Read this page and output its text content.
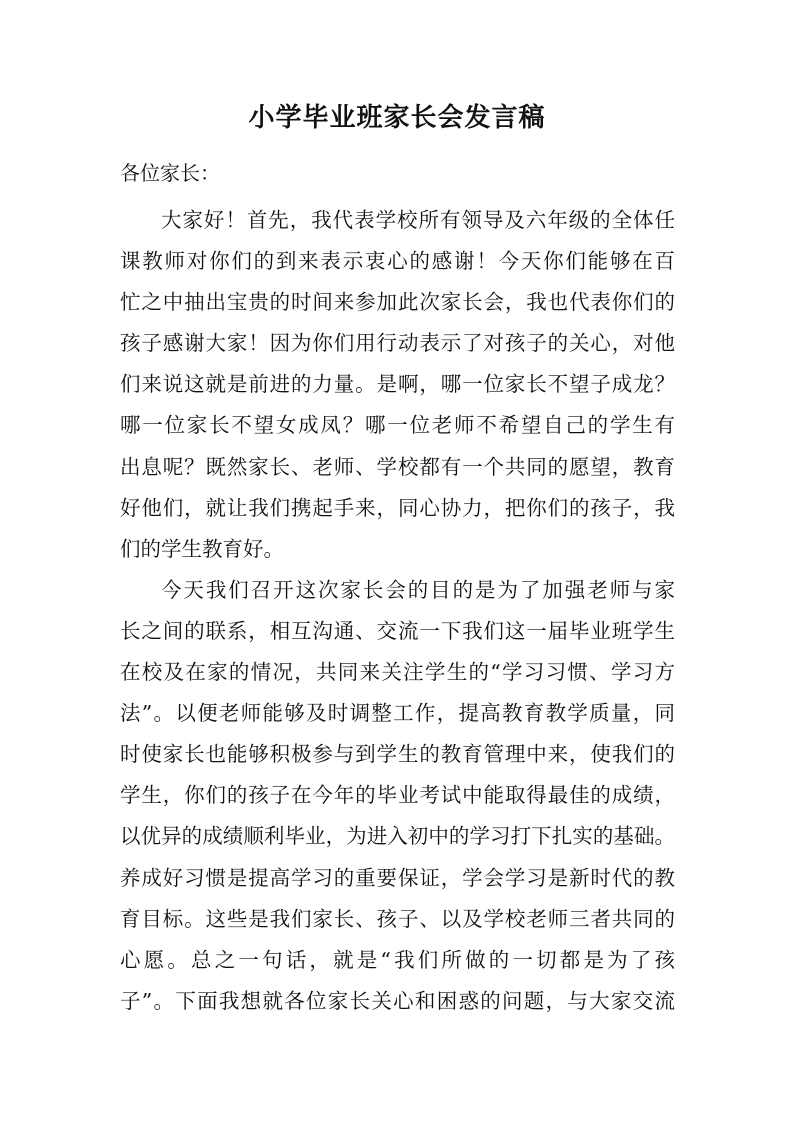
小学毕业班家长会发言稿
各位家长：
大家好！首先，我代表学校所有领导及六年级的全体任
课教师对你们的到来表示衷心的感谢！今天你们能够在百
忙之中抽出宝贵的时间来参加此次家长会，我也代表你们的
孩子感谢大家！因为你们用行动表示了对孩子的关心，对他
们来说这就是前进的力量。是啊，哪一位家长不望子成龙？
哪一位家长不望女成凤？哪一位老师不希望自己的学生有
出息呢？既然家长、老师、学校都有一个共同的愿望，教育
好他们，就让我们携起手来，同心协力，把你们的孩子，我
们的学生教育好。
今天我们召开这次家长会的目的是为了加强老师与家
长之间的联系，相互沟通、交流一下我们这一届毕业班学生
在校及在家的情况，共同来关注学生的“学习习惯、学习方
法”。以便老师能够及时调整工作，提高教育教学质量，同
时使家长也能够积极参与到学生的教育管理中来，使我们的
学生，你们的孩子在今年的毕业考试中能取得最佳的成绩，
以优异的成绩顺利毕业，为进入初中的学习打下扎实的基础。
养成好习惯是提高学习的重要保证，学会学习是新时代的教
育目标。这些是我们家长、孩子、以及学校老师三者共同的
心愿。总之一句话，就是“我们所做的一切都是为了孩
子”。下面我想就各位家长关心和困惑的问题，与大家交流
